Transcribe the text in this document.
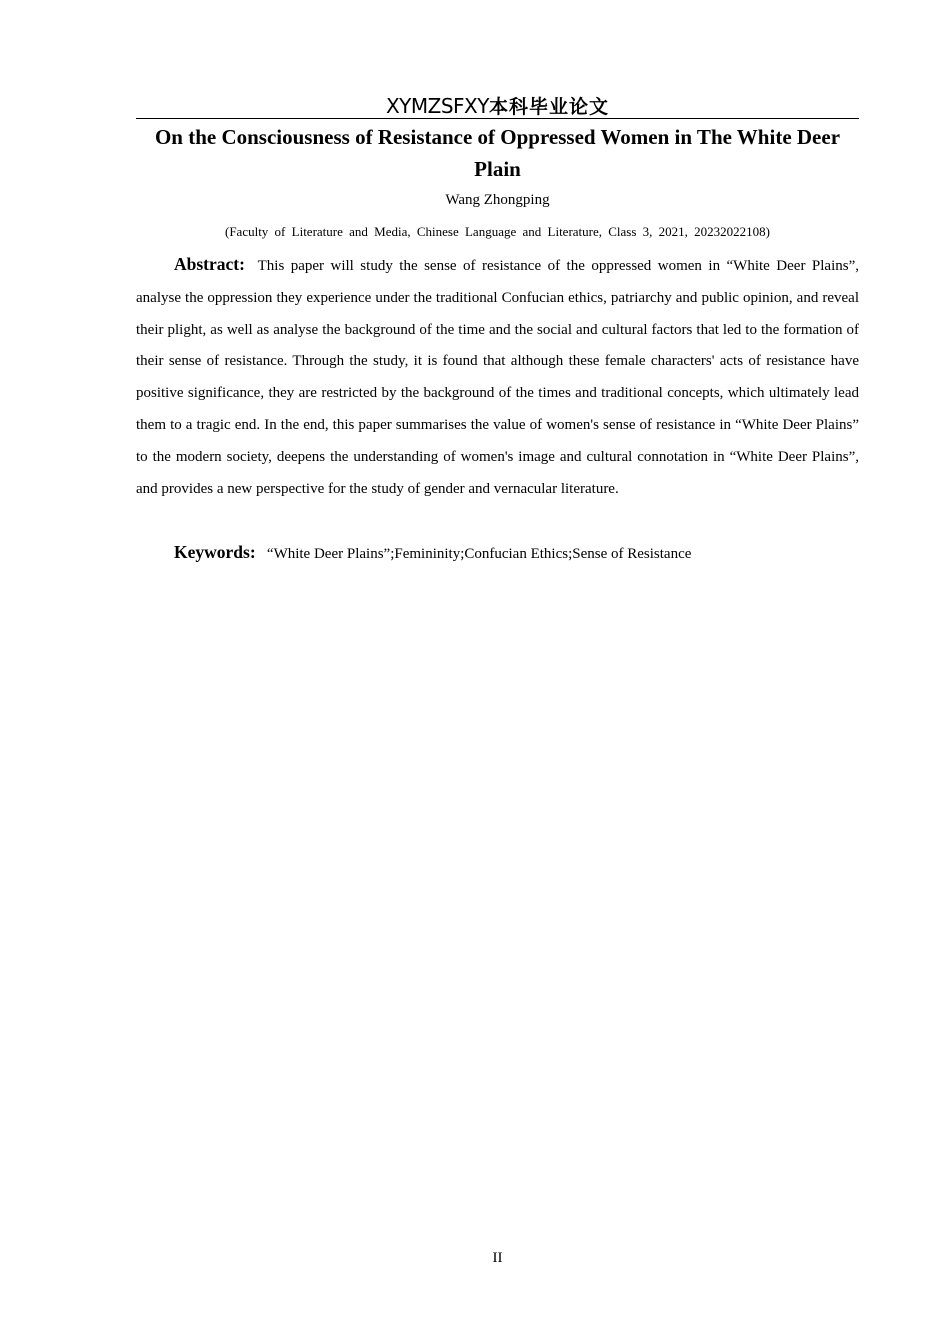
XYMZSFXY本科毕业论文
On the Consciousness of Resistance of Oppressed Women in The White Deer Plain
Wang Zhongping
(Faculty of Literature and Media, Chinese Language and Literature, Class 3, 2021, 20232022108)

Abstract: This paper will study the sense of resistance of the oppressed women in “White Deer Plains”, analyse the oppression they experience under the traditional Confucian ethics, patriarchy and public opinion, and reveal their plight, as well as analyse the background of the time and the social and cultural factors that led to the formation of their sense of resistance. Through the study, it is found that although these female characters' acts of resistance have positive significance, they are restricted by the background of the times and traditional concepts, which ultimately lead them to a tragic end. In the end, this paper summarises the value of women's sense of resistance in “White Deer Plains” to the modern society, deepens the understanding of women's image and cultural connotation in “White Deer Plains”, and provides a new perspective for the study of gender and vernacular literature.

Keywords: “White Deer Plains”;Femininity;Confucian Ethics;Sense of Resistance

II
